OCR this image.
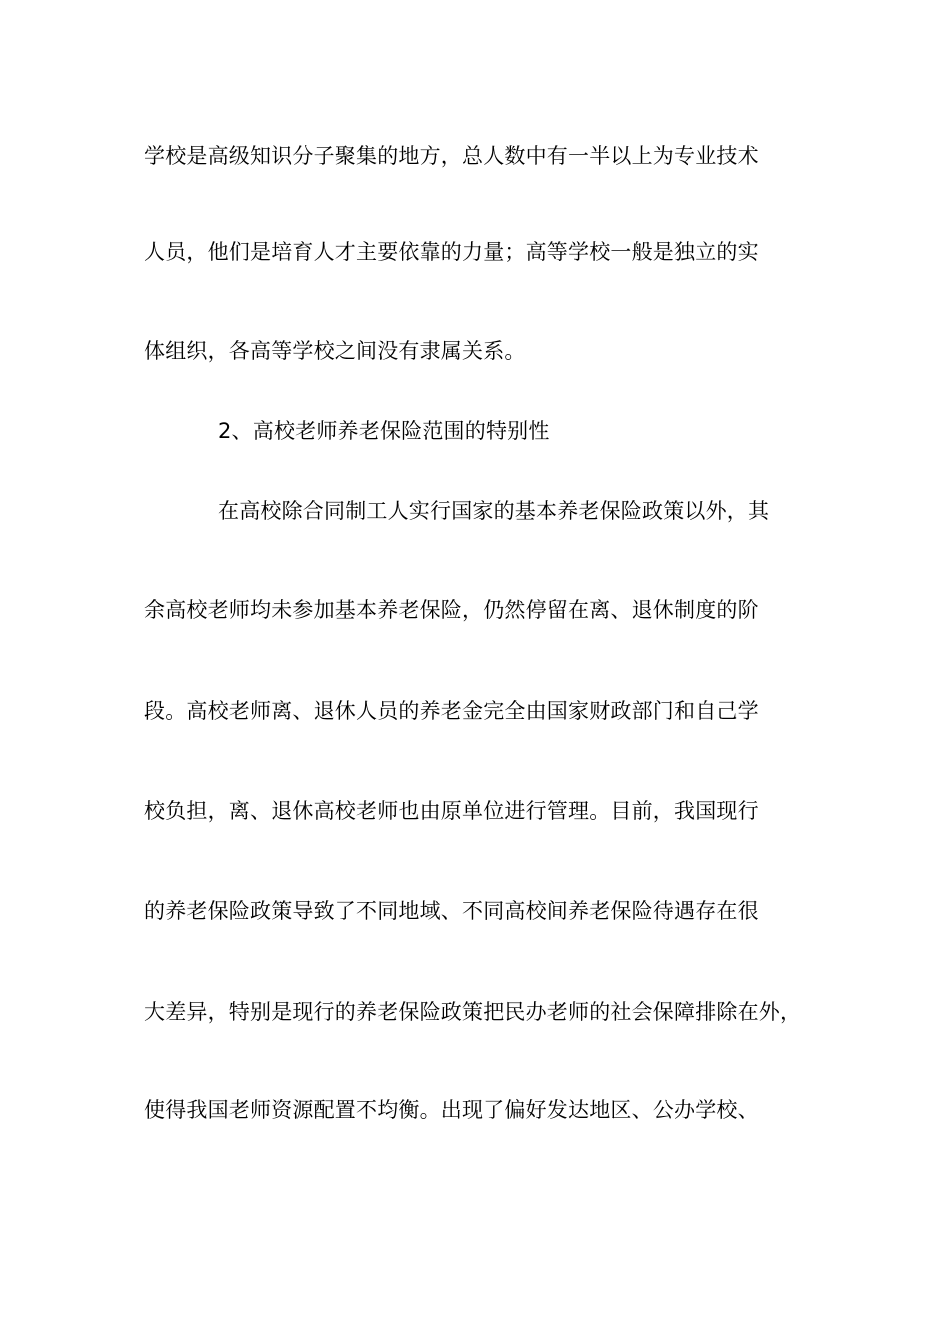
学校是高级知识分子聚集的地方，总人数中有一半以上为专业技术
人员，他们是培育人才主要依靠的力量；高等学校一般是独立的实
体组织，各高等学校之间没有隶属关系。
2、高校老师养老保险范围的特别性
在高校除合同制工人实行国家的基本养老保险政策以外，其
余高校老师均未参加基本养老保险，仍然停留在离、退休制度的阶
段。高校老师离、退休人员的养老金完全由国家财政部门和自己学
校负担，离、退休高校老师也由原单位进行管理。目前，我国现行
的养老保险政策导致了不同地域、不同高校间养老保险待遇存在很
大差异，特别是现行的养老保险政策把民办老师的社会保障排除在外，
使得我国老师资源配置不均衡。出现了偏好发达地区、公办学校、
